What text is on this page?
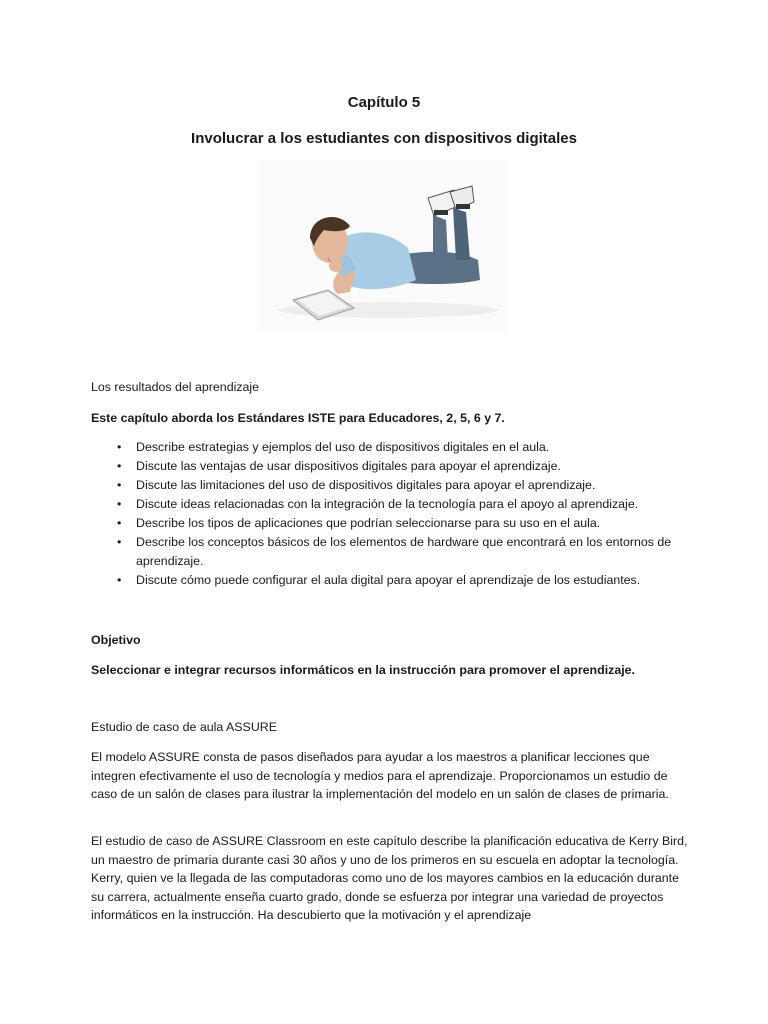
Capítulo 5
Involucrar a los estudiantes con dispositivos digitales
Los resultados del aprendizaje
Este capítulo aborda los Estándares ISTE para Educadores, 2, 5, 6 y 7.
• Describe estrategias y ejemplos del uso de dispositivos digitales en el aula.
• Discute las ventajas de usar dispositivos digitales para apoyar el aprendizaje.
• Discute las limitaciones del uso de dispositivos digitales para apoyar el aprendizaje.
• Discute ideas relacionadas con la integración de la tecnología para el apoyo al aprendizaje.
• Describe los tipos de aplicaciones que podrían seleccionarse para su uso en el aula.
• Describe los conceptos básicos de los elementos de hardware que encontrará en los entornos de aprendizaje.
• Discute cómo puede configurar el aula digital para apoyar el aprendizaje de los estudiantes.
Objetivo
Seleccionar e integrar recursos informáticos en la instrucción para promover el aprendizaje.
Estudio de caso de aula ASSURE
El modelo ASSURE consta de pasos diseñados para ayudar a los maestros a planificar lecciones que integren efectivamente el uso de tecnología y medios para el aprendizaje. Proporcionamos un estudio de caso de un salón de clases para ilustrar la implementación del modelo en un salón de clases de primaria.
El estudio de caso de ASSURE Classroom en este capítulo describe la planificación educativa de Kerry Bird, un maestro de primaria durante casi 30 años y uno de los primeros en su escuela en adoptar la tecnología. Kerry, quien ve la llegada de las computadoras como uno de los mayores cambios en la educación durante su carrera, actualmente enseña cuarto grado, donde se esfuerza por integrar una variedad de proyectos informáticos en la instrucción. Ha descubierto que la motivación y el aprendizaje
